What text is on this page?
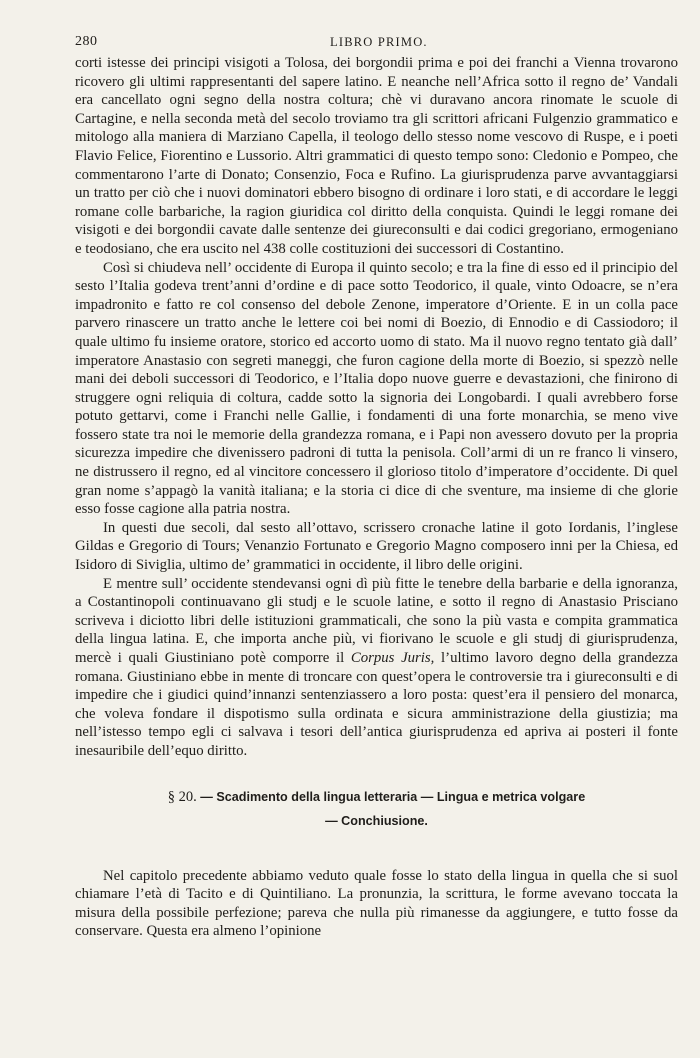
280	LIBRO PRIMO.

corti istesse dei principi visigoti a Tolosa, dei borgondii prima e poi dei franchi a Vienna trovarono ricovero gli ultimi rappresentanti del sapere latino. E neanche nell’Africa sotto il regno de’ Vandali era cancellato ogni segno della nostra coltura; chè vi duravano ancora rinomate le scuole di Cartagine, e nella seconda metà del secolo troviamo tra gli scrittori africani Fulgenzio grammatico e mitologo alla maniera di Marziano Capella, il teologo dello stesso nome vescovo di Ruspe, e i poeti Flavio Felice, Fiorentino e Lussorio. Altri grammatici di questo tempo sono: Cledonio e Pompeo, che commentarono l’arte di Donato; Consenzio, Foca e Rufino. La giurisprudenza parve avvantaggiarsi un tratto per ciò che i nuovi dominatori ebbero bisogno di ordinare i loro stati, e di accordare le leggi romane colle barbariche, la ragion giuridica col diritto della conquista. Quindi le leggi romane dei visigoti e dei borgondii cavate dalle sentenze dei giureconsulti e dai codici gregoriano, ermogeniano e teodosiano, che era uscito nel 438 colle costituzioni dei successori di Costantino.

Così si chiudeva nell’ occidente di Europa il quinto secolo; e tra la fine di esso ed il principio del sesto l’Italia godeva trent’anni d’ordine e di pace sotto Teodorico, il quale, vinto Odoacre, se n’era impadronito e fatto re col consenso del debole Zenone, imperatore d’Oriente. E in un colla pace parvero rinascere un tratto anche le lettere coi bei nomi di Boezio, di Ennodio e di Cassiodoro; il quale ultimo fu insieme oratore, storico ed accorto uomo di stato. Ma il nuovo regno tentato già dall’ imperatore Anastasio con segreti maneggi, che furon cagione della morte di Boezio, si spezzò nelle mani dei deboli successori di Teodorico, e l’Italia dopo nuove guerre e devastazioni, che finirono di struggere ogni reliquia di coltura, cadde sotto la signoria dei Longobardi. I quali avrebbero forse potuto gettarvi, come i Franchi nelle Gallie, i fondamenti di una forte monarchia, se meno vive fossero state tra noi le memorie della grandezza romana, e i Papi non avessero dovuto per la propria sicurezza impedire che divenissero padroni di tutta la penisola. Coll’armi di un re franco li vinsero, ne distrussero il regno, ed al vincitore concessero il glorioso titolo d’imperatore d’occidente. Di quel gran nome s’appagò la vanità italiana; e la storia ci dice di che sventure, ma insieme di che glorie esso fosse cagione alla patria nostra.

In questi due secoli, dal sesto all’ottavo, scrissero cronache latine il goto Iordanis, l’inglese Gildas e Gregorio di Tours; Venanzio Fortunato e Gregorio Magno composero inni per la Chiesa, ed Isidoro di Siviglia, ultimo de’ grammatici in occidente, il libro delle origini.

E mentre sull’ occidente stendevansi ogni dì più fitte le tenebre della barbarie e della ignoranza, a Costantinopoli continuavano gli studj e le scuole latine, e sotto il regno di Anastasio Prisciano scriveva i diciotto libri delle istituzioni grammaticali, che sono la più vasta e compita grammatica della lingua latina. E, che importa anche più, vi fiorivano le scuole e gli studj di giurisprudenza, mercè i quali Giustiniano potè comporre il Corpus Juris, l’ultimo lavoro degno della grandezza romana. Giustiniano ebbe in mente di troncare con quest’opera le controversie tra i giureconsulti e di impedire che i giudici quind’innanzi sentenziassero a loro posta: quest’era il pensiero del monarca, che voleva fondare il dispotismo sulla ordinata e sicura amministrazione della giustizia; ma nell’istesso tempo egli ci salvava i tesori dell’antica giurisprudenza ed apriva ai posteri il fonte inesauribile dell’equo diritto.

§ 20. — Scadimento della lingua letteraria — Lingua e metrica volgare
— Conchiusione.

Nel capitolo precedente abbiamo veduto quale fosse lo stato della lingua in quella che si suol chiamare l’età di Tacito e di Quintiliano. La pronunzia, la scrittura, le forme avevano toccata la misura della possibile perfezione; pareva che nulla più rimanesse da aggiungere, e tutto fosse da conservare. Questa era almeno l’opinione
